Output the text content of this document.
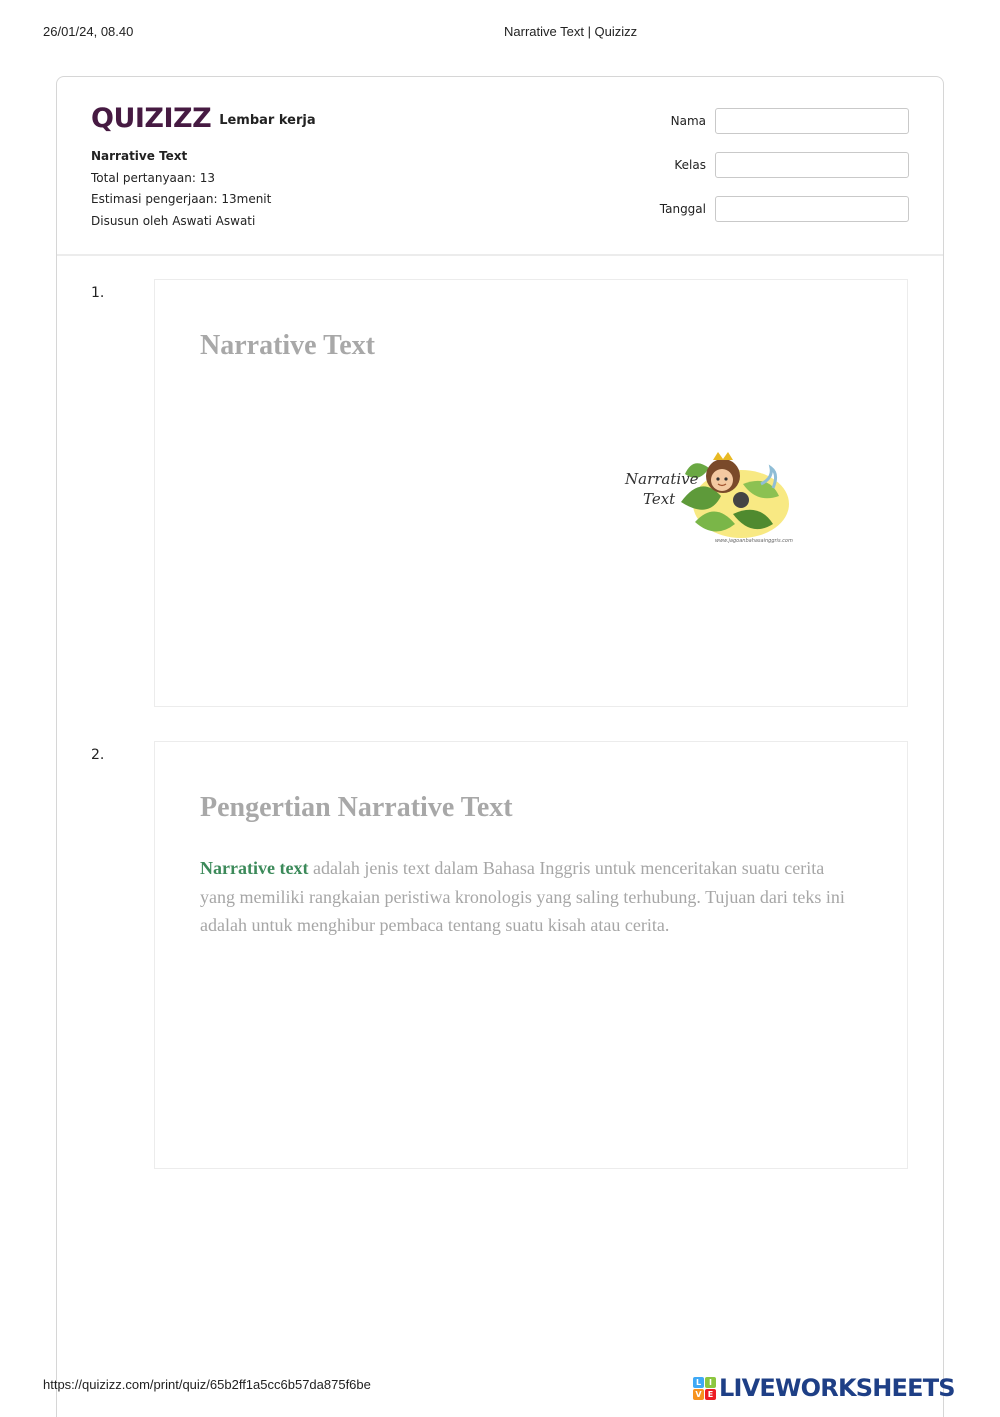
26/01/24, 08.40	Narrative Text | Quizizz
QUIZIZZ Lembar kerja
Narrative Text
Total pertanyaan: 13
Estimasi pengerjaan: 13menit
Disusun oleh Aswati Aswati
Nama
Kelas
Tanggal
1.
Narrative Text
Narrative
Text
www.jagoanbahasainggris.com
2.
Pengertian Narrative Text
Narrative text adalah jenis text dalam Bahasa Inggris untuk menceritakan suatu cerita yang memiliki rangkaian peristiwa kronologis yang saling terhubung. Tujuan dari teks ini adalah untuk menghibur pembaca tentang suatu kisah atau cerita.
https://quizizz.com/print/quiz/65b2ff1a5cc6b57da875f6be	L I
V E LIVEWORKSHEETS
